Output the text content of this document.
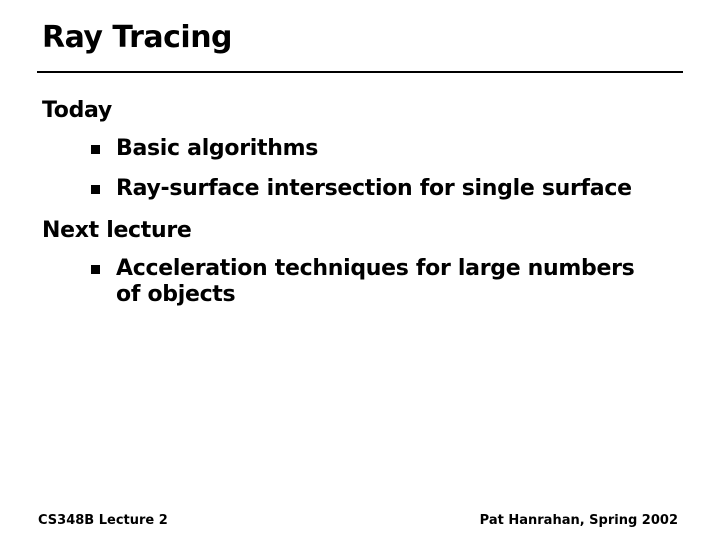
Ray Tracing
Today
Basic algorithms
Ray-surface intersection for single surface
Next lecture
Acceleration techniques for large numbers of objects
CS348B Lecture 2	Pat Hanrahan, Spring 2002
